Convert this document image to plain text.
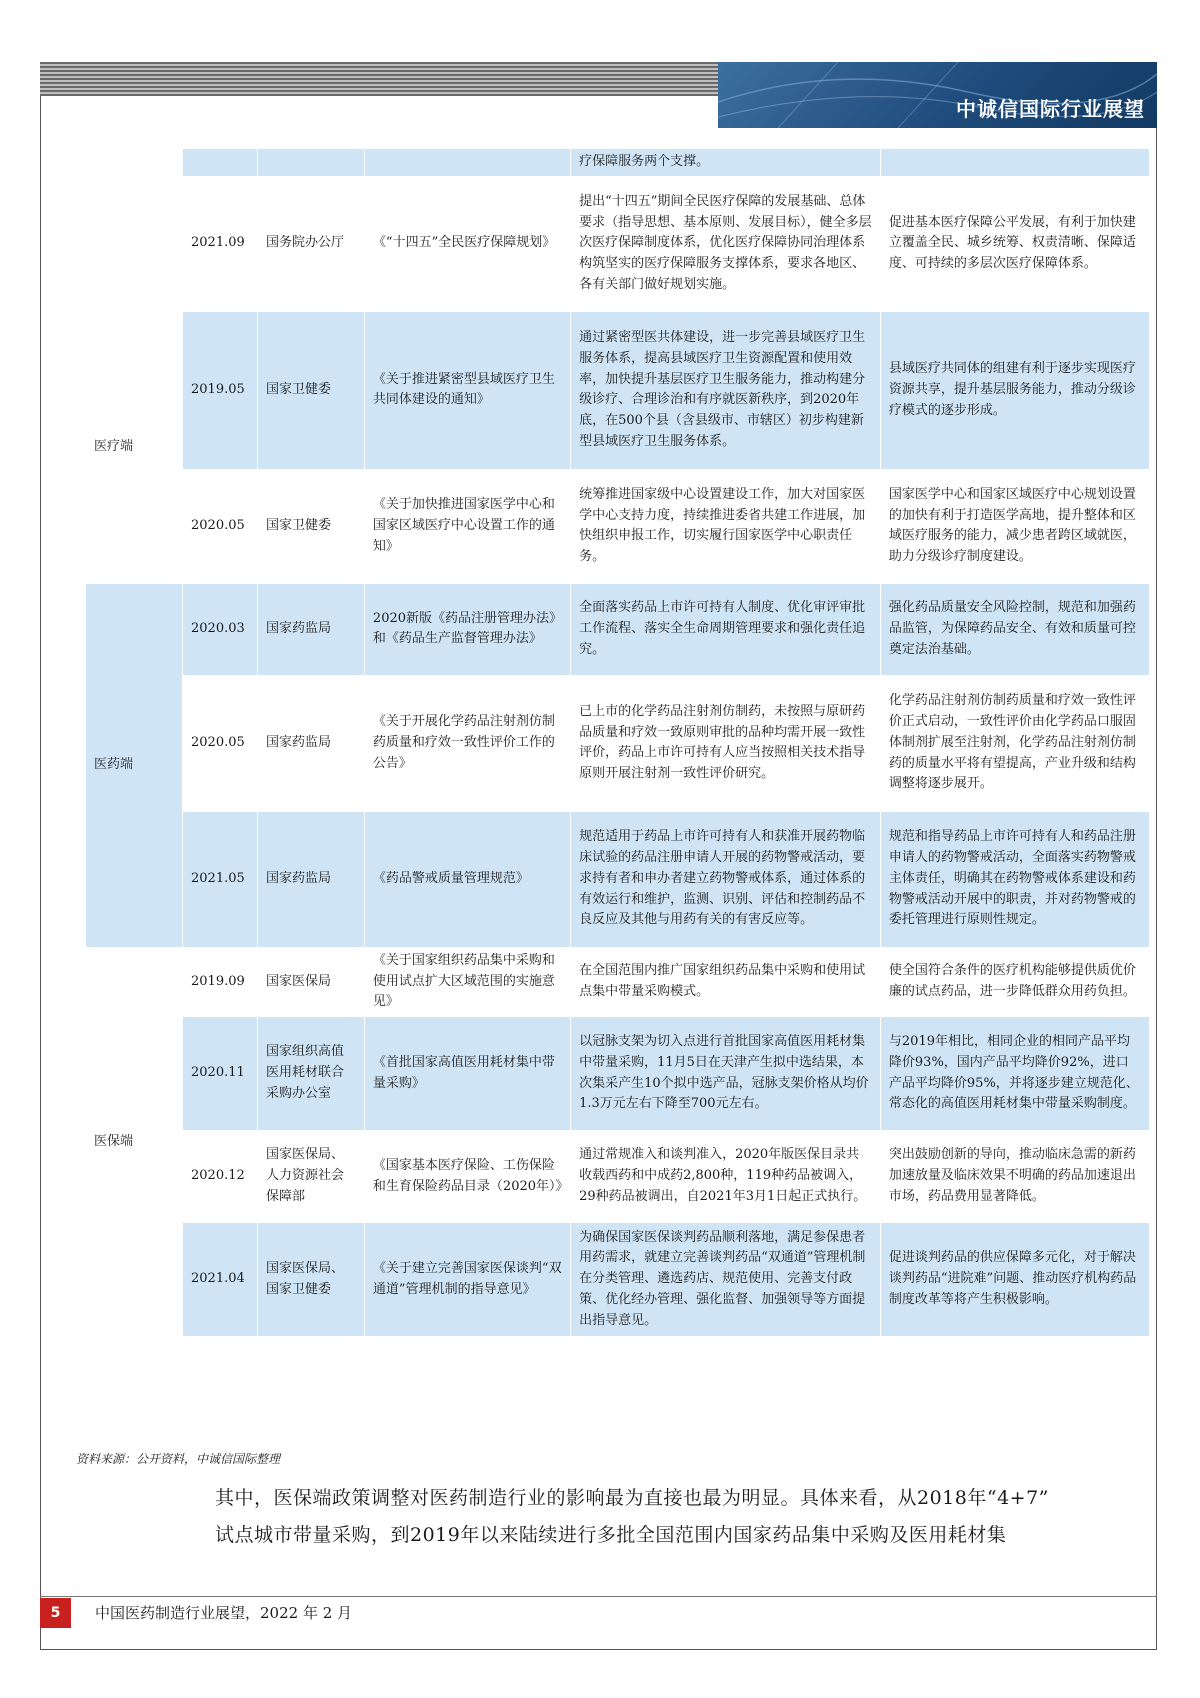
中诚信国际行业展望
				疗保障服务两个支撑。	
	2021.09	国务院办公厅	《“十四五”全民医疗保障规划》	提出“十四五”期间全民医疗保障的发展基础、总体要求（指导思想、基本原则、发展目标），健全多层次医疗保障制度体系，优化医疗保障协同治理体系构筑坚实的医疗保障服务支撑体系，要求各地区、各有关部门做好规划实施。	促进基本医疗保障公平发展，有利于加快建立覆盖全民、城乡统筹、权责清晰、保障适度、可持续的多层次医疗保障体系。
医疗端	2019.05	国家卫健委	《关于推进紧密型县域医疗卫生共同体建设的通知》	通过紧密型医共体建设，进一步完善县域医疗卫生服务体系，提高县域医疗卫生资源配置和使用效率，加快提升基层医疗卫生服务能力，推动构建分级诊疗、合理诊治和有序就医新秩序，到2020年底，在500个县（含县级市、市辖区）初步构建新型县域医疗卫生服务体系。	县域医疗共同体的组建有利于逐步实现医疗资源共享，提升基层服务能力，推动分级诊疗模式的逐步形成。
	2020.05	国家卫健委	《关于加快推进国家医学中心和国家区域医疗中心设置工作的通知》	统筹推进国家级中心设置建设工作，加大对国家医学中心支持力度，持续推进委省共建工作进展，加快组织申报工作，切实履行国家医学中心职责任务。	国家医学中心和国家区域医疗中心规划设置的加快有利于打造医学高地，提升整体和区域医疗服务的能力，减少患者跨区域就医，助力分级诊疗制度建设。
医药端	2020.03	国家药监局	2020新版《药品注册管理办法》和《药品生产监督管理办法》	全面落实药品上市许可持有人制度、优化审评审批工作流程、落实全生命周期管理要求和强化责任追究。	强化药品质量安全风险控制，规范和加强药品监管，为保障药品安全、有效和质量可控奠定法治基础。
	2020.05	国家药监局	《关于开展化学药品注射剂仿制药质量和疗效一致性评价工作的公告》	已上市的化学药品注射剂仿制药，未按照与原研药品质量和疗效一致原则审批的品种均需开展一致性评价，药品上市许可持有人应当按照相关技术指导原则开展注射剂一致性评价研究。	化学药品注射剂仿制药质量和疗效一致性评价正式启动，一致性评价由化学药品口服固体制剂扩展至注射剂，化学药品注射剂仿制药的质量水平将有望提高，产业升级和结构调整将逐步展开。
	2021.05	国家药监局	《药品警戒质量管理规范》	规范适用于药品上市许可持有人和获准开展药物临床试验的药品注册申请人开展的药物警戒活动，要求持有者和申办者建立药物警戒体系，通过体系的有效运行和维护，监测、识别、评估和控制药品不良反应及其他与用药有关的有害反应等。	规范和指导药品上市许可持有人和药品注册申请人的药物警戒活动，全面落实药物警戒主体责任，明确其在药物警戒体系建设和药物警戒活动开展中的职责，并对药物警戒的委托管理进行原则性规定。
医保端	2019.09	国家医保局	《关于国家组织药品集中采购和使用试点扩大区域范围的实施意见》	在全国范围内推广国家组织药品集中采购和使用试点集中带量采购模式。	使全国符合条件的医疗机构能够提供质优价廉的试点药品，进一步降低群众用药负担。
	2020.11	国家组织高值医用耗材联合采购办公室	《首批国家高值医用耗材集中带量采购》	以冠脉支架为切入点进行首批国家高值医用耗材集中带量采购，11月5日在天津产生拟中选结果，本次集采产生10个拟中选产品，冠脉支架价格从均价1.3万元左右下降至700元左右。	与2019年相比，相同企业的相同产品平均降价93%，国内产品平均降价92%，进口产品平均降价95%，并将逐步建立规范化、常态化的高值医用耗材集中带量采购制度。
	2020.12	国家医保局、人力资源社会保障部	《国家基本医疗保险、工伤保险和生育保险药品目录（2020年）》	通过常规准入和谈判准入，2020年版医保目录共收载西药和中成药2,800种，119种药品被调入，29种药品被调出，自2021年3月1日起正式执行。	突出鼓励创新的导向，推动临床急需的新药加速放量及临床效果不明确的药品加速退出市场，药品费用显著降低。
	2021.04	国家医保局、国家卫健委	《关于建立完善国家医保谈判“双通道”管理机制的指导意见》	为确保国家医保谈判药品顺利落地，满足参保患者用药需求，就建立完善谈判药品“双通道”管理机制在分类管理、遴选药店、规范使用、完善支付政策、优化经办管理、强化监督、加强领导等方面提出指导意见。	促进谈判药品的供应保障多元化，对于解决谈判药品“进院难”问题、推动医疗机构药品制度改革等将产生积极影响。
资料来源：公开资料，中诚信国际整理

其中，医保端政策调整对医药制造行业的影响最为直接也最为明显。具体来看，从2018年“4+7”

试点城市带量采购，到2019年以来陆续进行多批全国范围内国家药品集中采购及医用耗材集

5	中国医药制造行业展望，2022 年 2 月
